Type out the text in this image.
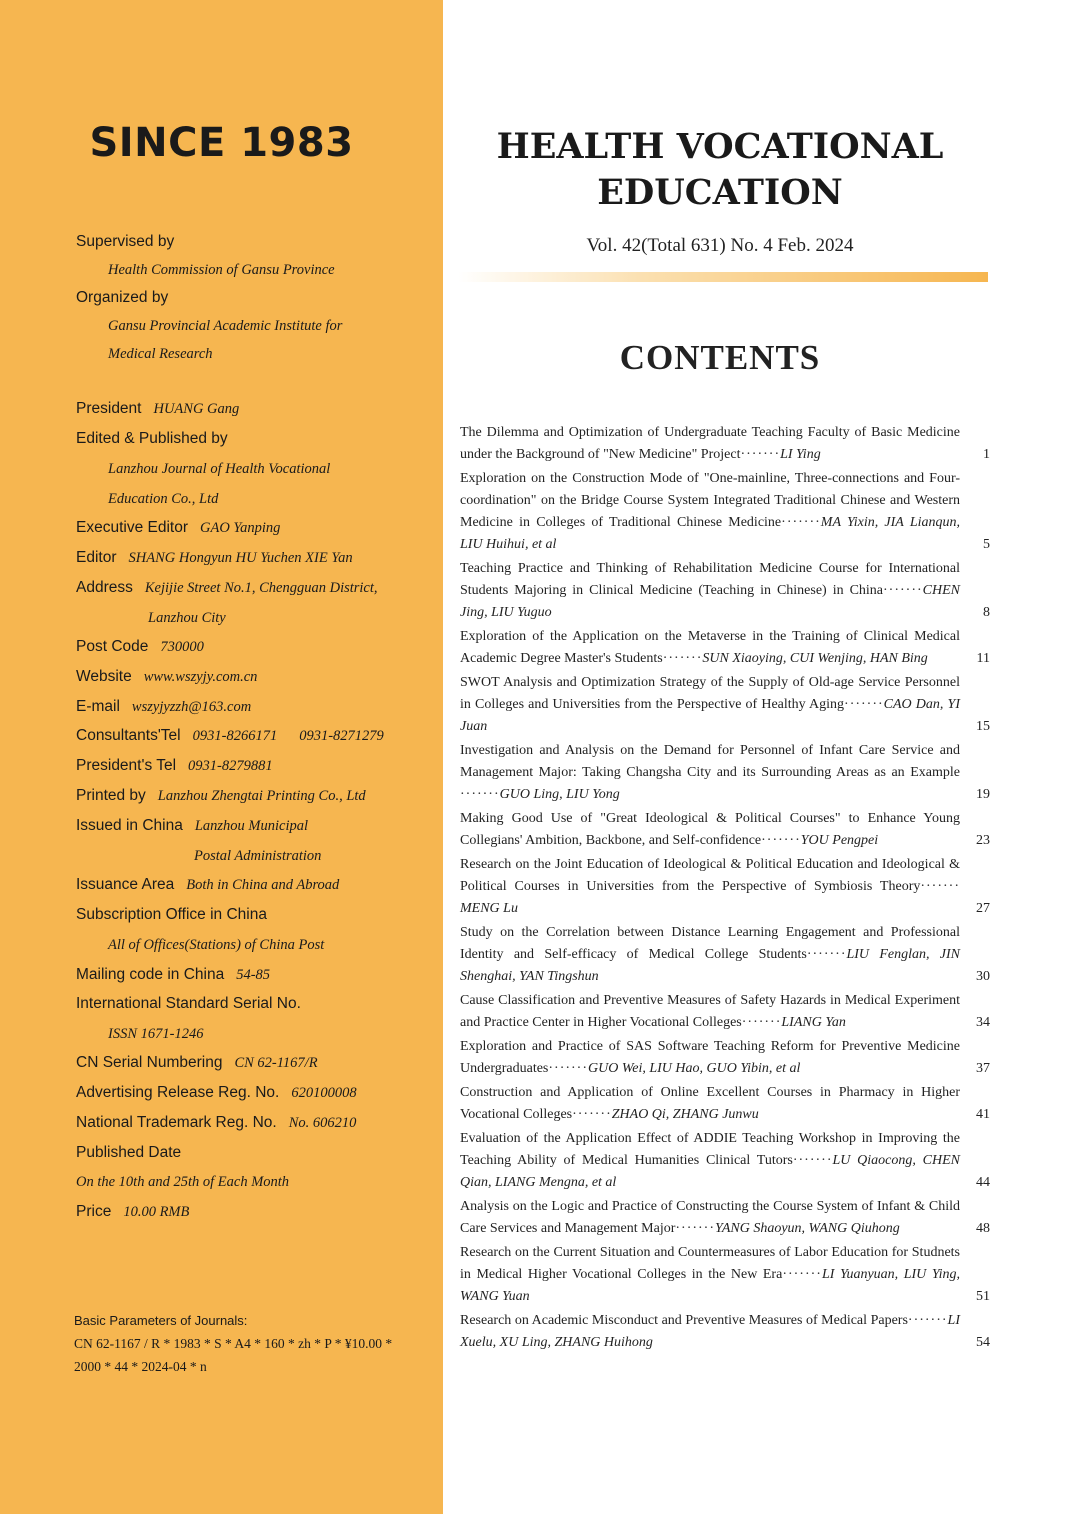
SINCE 1983
Supervised by
Health Commission of Gansu Province
Organized by
Gansu Provincial Academic Institute for
Medical Research
President HUANG Gang
Edited & Published by
Lanzhou Journal of Health Vocational
Education Co., Ltd
Executive Editor GAO Yanping
Editor SHANG Hongyun HU Yuchen XIE Yan
Address Kejijie Street No.1, Chengguan District,
Lanzhou City
Post Code 730000
Website www.wszyjy.com.cn
E-mail wszyjyzzh@163.com
Consultants'Tel 0931-8266171 0931-8271279
President's Tel 0931-8279881
Printed by Lanzhou Zhengtai Printing Co., Ltd
Issued in China Lanzhou Municipal
Postal Administration
Issuance Area Both in China and Abroad
Subscription Office in China
All of Offices(Stations) of China Post
Mailing code in China 54-85
International Standard Serial No.
ISSN 1671-1246
CN Serial Numbering CN 62-1167/R
Advertising Release Reg. No. 620100008
National Trademark Reg. No. No. 606210
Published Date
On the 10th and 25th of Each Month
Price 10.00 RMB
Basic Parameters of Journals:
CN 62-1167 / R * 1983 * S * A4 * 160 * zh * P * ¥10.00 *
2000 * 44 * 2024-04 * n
HEALTH VOCATIONAL
EDUCATION
Vol. 42(Total 631) No. 4 Feb. 2024
CONTENTS
The Dilemma and Optimization of Undergraduate Teaching Faculty of Basic Medicine under the Background of "New Medicine" Project·······LI Ying	1
Exploration on the Construction Mode of "One-mainline, Three-connections and Four-coordination" on the Bridge Course System Integrated Traditional Chinese and Western Medicine in Colleges of Traditional Chinese Medicine·······MA Yixin, JIA Lianqun, LIU Huihui, et al	5
Teaching Practice and Thinking of Rehabilitation Medicine Course for International Students Majoring in Clinical Medicine (Teaching in Chinese) in China·······CHEN Jing, LIU Yuguo	8
Exploration of the Application on the Metaverse in the Training of Clinical Medical Academic Degree Master's Students·······SUN Xiaoying, CUI Wenjing, HAN Bing	11
SWOT Analysis and Optimization Strategy of the Supply of Old-age Service Personnel in Colleges and Universities from the Perspective of Healthy Aging·······CAO Dan, YI Juan	15
Investigation and Analysis on the Demand for Personnel of Infant Care Service and Management Major: Taking Changsha City and its Surrounding Areas as an Example·······GUO Ling, LIU Yong	19
Making Good Use of "Great Ideological & Political Courses" to Enhance Young Collegians' Ambition, Backbone, and Self-confidence·······YOU Pengpei	23
Research on the Joint Education of Ideological & Political Education and Ideological & Political Courses in Universities from the Perspective of Symbiosis Theory·······MENG Lu	27
Study on the Correlation between Distance Learning Engagement and Professional Identity and Self-efficacy of Medical College Students·······LIU Fenglan, JIN Shenghai, YAN Tingshun	30
Cause Classification and Preventive Measures of Safety Hazards in Medical Experiment and Practice Center in Higher Vocational Colleges·······LIANG Yan	34
Exploration and Practice of SAS Software Teaching Reform for Preventive Medicine Undergraduates·······GUO Wei, LIU Hao, GUO Yibin, et al	37
Construction and Application of Online Excellent Courses in Pharmacy in Higher Vocational Colleges·······ZHAO Qi, ZHANG Junwu	41
Evaluation of the Application Effect of ADDIE Teaching Workshop in Improving the Teaching Ability of Medical Humanities Clinical Tutors·······LU Qiaocong, CHEN Qian, LIANG Mengna, et al	44
Analysis on the Logic and Practice of Constructing the Course System of Infant & Child Care Services and Management Major·······YANG Shaoyun, WANG Qiuhong	48
Research on the Current Situation and Countermeasures of Labor Education for Studnets in Medical Higher Vocational Colleges in the New Era·······LI Yuanyuan, LIU Ying, WANG Yuan	51
Research on Academic Misconduct and Preventive Measures of Medical Papers·······LI Xuelu, XU Ling, ZHANG Huihong	54
